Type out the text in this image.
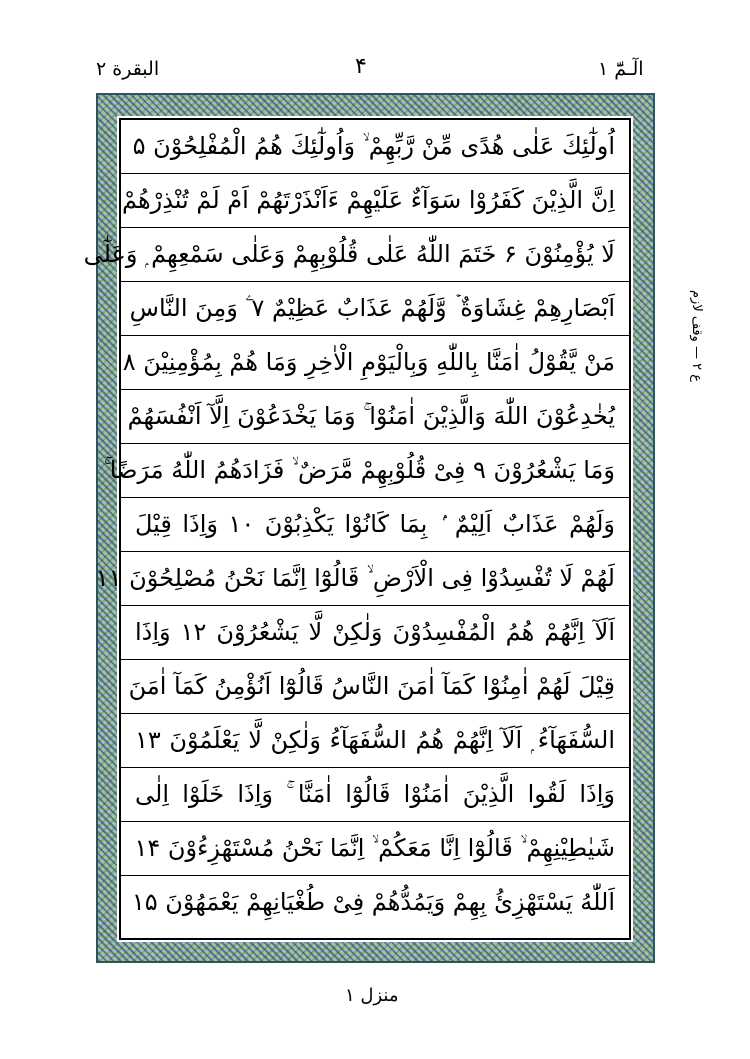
الٓـمّٓ ۱
۴
البقرة ۲
اُولٰٓئِكَ عَلٰى هُدًى مِّنْ رَّبِّهِمْ ۙ وَاُولٰٓئِكَ هُمُ الْمُفْلِحُوْنَ ۵
اِنَّ الَّذِيْنَ كَفَرُوْا سَوَآءٌ عَلَيْهِمْ ءَاَنْذَرْتَهُمْ اَمْ لَمْ تُنْذِرْهُمْ
لَا يُؤْمِنُوْنَ ۶ خَتَمَ اللّٰهُ عَلٰى قُلُوْبِهِمْ وَعَلٰى سَمْعِهِمْ ۭ وَعَلٰٓى
اَبْصَارِهِمْ غِشَاوَةٌ ۡ وَّلَهُمْ عَذَابٌ عَظِيْمٌ ۷ ۧ وَمِنَ النَّاسِ
مَنْ يَّقُوْلُ اٰمَنَّا بِاللّٰهِ وَبِالْيَوْمِ الْاٰخِرِ وَمَا هُمْ بِمُؤْمِنِيْنَ ۸
يُخٰدِعُوْنَ اللّٰهَ وَالَّذِيْنَ اٰمَنُوْا ۚ وَمَا يَخْدَعُوْنَ اِلَّآ اَنْفُسَهُمْ
وَمَا يَشْعُرُوْنَ ۹ فِىْ قُلُوْبِهِمْ مَّرَضٌ ۙ فَزَادَهُمُ اللّٰهُ مَرَضًا ۚ
وَلَهُمْ عَذَابٌ اَلِيْمٌ ۢ بِمَا كَانُوْا يَكْذِبُوْنَ ۱۰ وَاِذَا قِيْلَ
لَهُمْ لَا تُفْسِدُوْا فِى الْاَرْضِ ۙ قَالُوْٓا اِنَّمَا نَحْنُ مُصْلِحُوْنَ ۱۱
اَلَآ اِنَّهُمْ هُمُ الْمُفْسِدُوْنَ وَلٰكِنْ لَّا يَشْعُرُوْنَ ۱۲ وَاِذَا
قِيْلَ لَهُمْ اٰمِنُوْا كَمَآ اٰمَنَ النَّاسُ قَالُوْٓا اَنُؤْمِنُ كَمَآ اٰمَنَ
السُّفَهَآءُ ۭ اَلَآ اِنَّهُمْ هُمُ السُّفَهَآءُ وَلٰكِنْ لَّا يَعْلَمُوْنَ ۱۳
وَاِذَا لَقُوا الَّذِيْنَ اٰمَنُوْا قَالُوْٓا اٰمَنَّا ۚ وَاِذَا خَلَوْا اِلٰى
شَيٰطِيْنِهِمْ ۙ قَالُوْٓا اِنَّا مَعَكُمْ ۙ اِنَّمَا نَحْنُ مُسْتَهْزِءُوْنَ ۱۴
اَللّٰهُ يَسْتَهْزِئُ بِهِمْ وَيَمُدُّهُمْ فِىْ طُغْيَانِهِمْ يَعْمَهُوْنَ ۱۵
ع ۲ — وقف لازم
منزل ۱
